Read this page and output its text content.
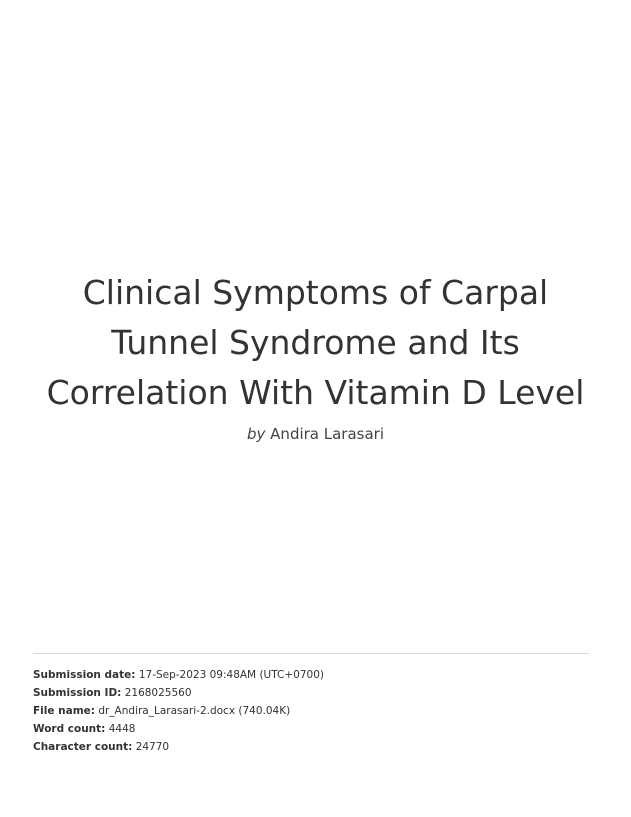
Clinical Symptoms of Carpal Tunnel Syndrome and Its Correlation With Vitamin D Level
by Andira Larasari
Submission date: 17-Sep-2023 09:48AM (UTC+0700)
Submission ID: 2168025560
File name: dr_Andira_Larasari-2.docx (740.04K)
Word count: 4448
Character count: 24770
